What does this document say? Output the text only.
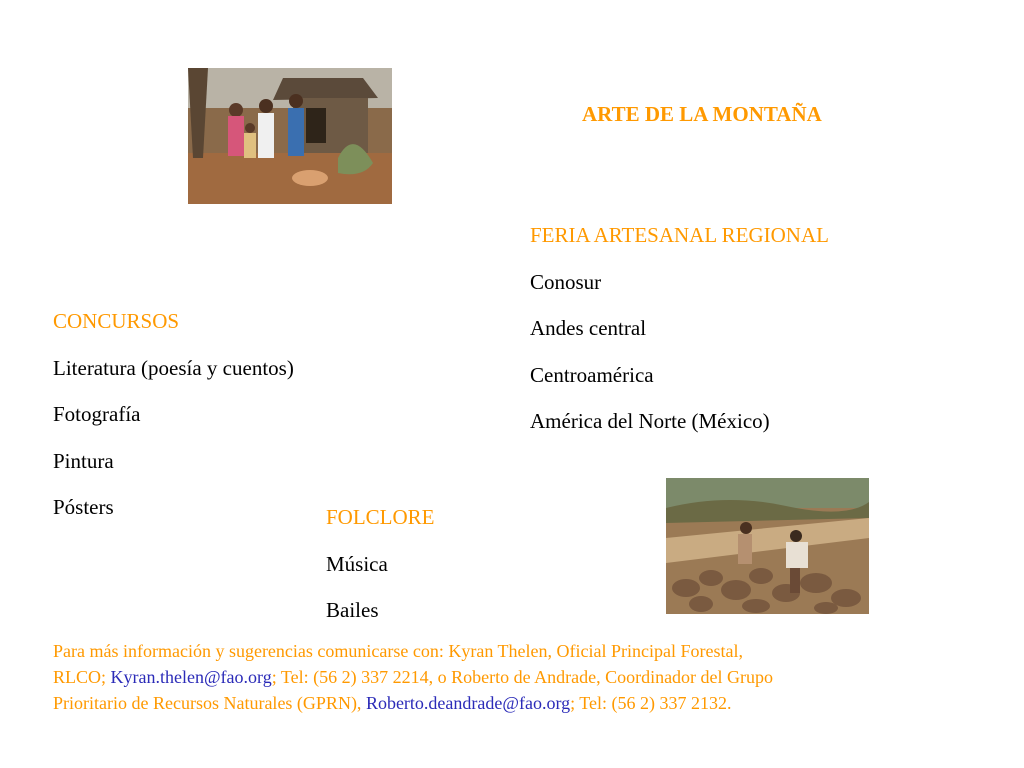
ARTE DE LA MONTAÑA
FERIA ARTESANAL REGIONAL
Conosur
Andes central
Centroamérica
América del Norte (México)
CONCURSOS
Literatura (poesía y cuentos)
Fotografía
Pintura
Pósters	FOLCLORE
Música
Bailes
Para más información y sugerencias comunicarse con: Kyran Thelen, Oficial Principal Forestal,
RLCO; Kyran.thelen@fao.org; Tel: (56 2) 337 2214, o Roberto de Andrade, Coordinador del Grupo
Prioritario de Recursos Naturales (GPRN), Roberto.deandrade@fao.org; Tel: (56 2) 337 2132.
